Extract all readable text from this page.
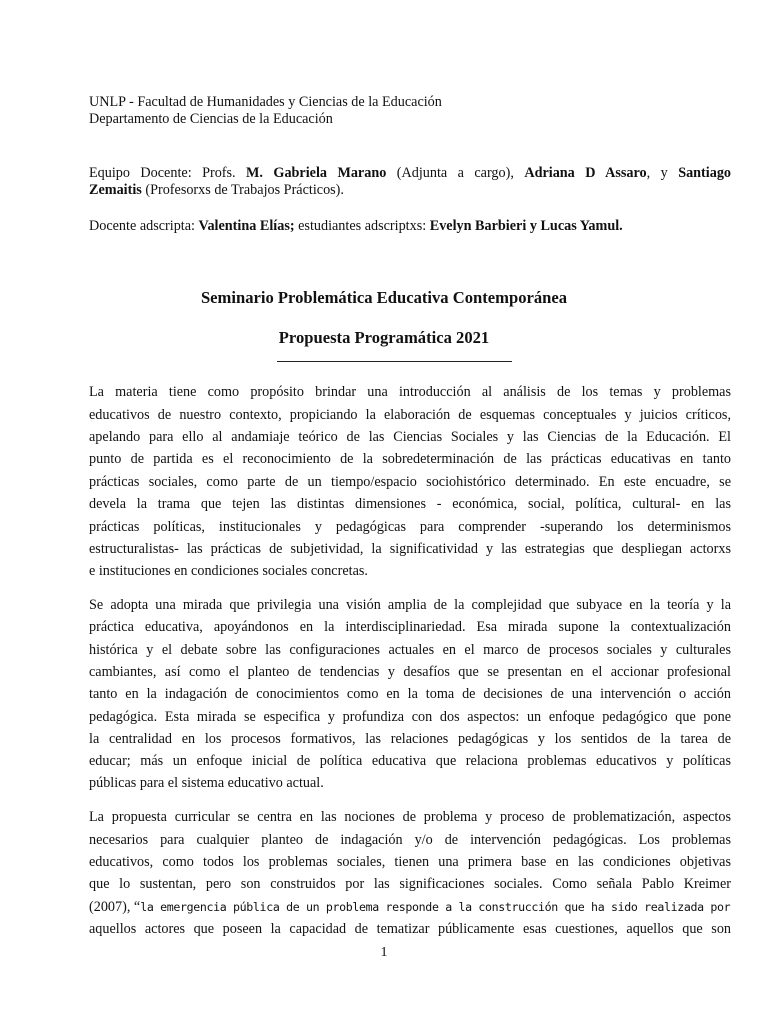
UNLP - Facultad de Humanidades y Ciencias de la Educación
Departamento de Ciencias de la Educación
Equipo Docente: Profs. M. Gabriela Marano (Adjunta a cargo), Adriana D Assaro, y Santiago
Zemaitis (Profesorxs de Trabajos Prácticos).
Docente adscripta: Valentina Elías; estudiantes adscriptxs: Evelyn Barbieri y Lucas Yamul.
Seminario Problemática Educativa Contemporánea
Propuesta Programática 2021
La materia tiene como propósito brindar una introducción al análisis de los temas y problemas
educativos de nuestro contexto, propiciando la elaboración de esquemas conceptuales y juicios críticos,
apelando para ello al andamiaje teórico de las Ciencias Sociales y las Ciencias de la Educación. El
punto de partida es el reconocimiento de la sobredeterminación de las prácticas educativas en tanto
prácticas sociales, como parte de un tiempo/espacio sociohistórico determinado. En este encuadre, se
devela la trama que tejen las distintas dimensiones - económica, social, política, cultural- en las
prácticas políticas, institucionales y pedagógicas para comprender -superando los determinismos
estructuralistas- las prácticas de subjetividad, la significatividad y las estrategias que despliegan actorxs
e instituciones en condiciones sociales concretas.
Se adopta una mirada que privilegia una visión amplia de la complejidad que subyace en la teoría y la
práctica educativa, apoyándonos en la interdisciplinariedad. Esa mirada supone la contextualización
histórica y el debate sobre las configuraciones actuales en el marco de procesos sociales y culturales
cambiantes, así como el planteo de tendencias y desafíos que se presentan en el accionar profesional
tanto en la indagación de conocimientos como en la toma de decisiones de una intervención o acción
pedagógica. Esta mirada se especifica y profundiza con dos aspectos: un enfoque pedagógico que pone
la centralidad en los procesos formativos, las relaciones pedagógicas y los sentidos de la tarea de
educar; más un enfoque inicial de política educativa que relaciona problemas educativos y políticas
públicas para el sistema educativo actual.
La propuesta curricular se centra en las nociones de problema y proceso de problematización, aspectos
necesarios para cualquier planteo de indagación y/o de intervención pedagógicas. Los problemas
educativos, como todos los problemas sociales, tienen una primera base en las condiciones objetivas
que lo sustentan, pero son construidos por las significaciones sociales. Como señala Pablo Kreimer
(2007), “la emergencia pública de un problema responde a la construcción que ha sido realizada por
aquellos actores que poseen la capacidad de tematizar públicamente esas cuestiones, aquellos que son
1
